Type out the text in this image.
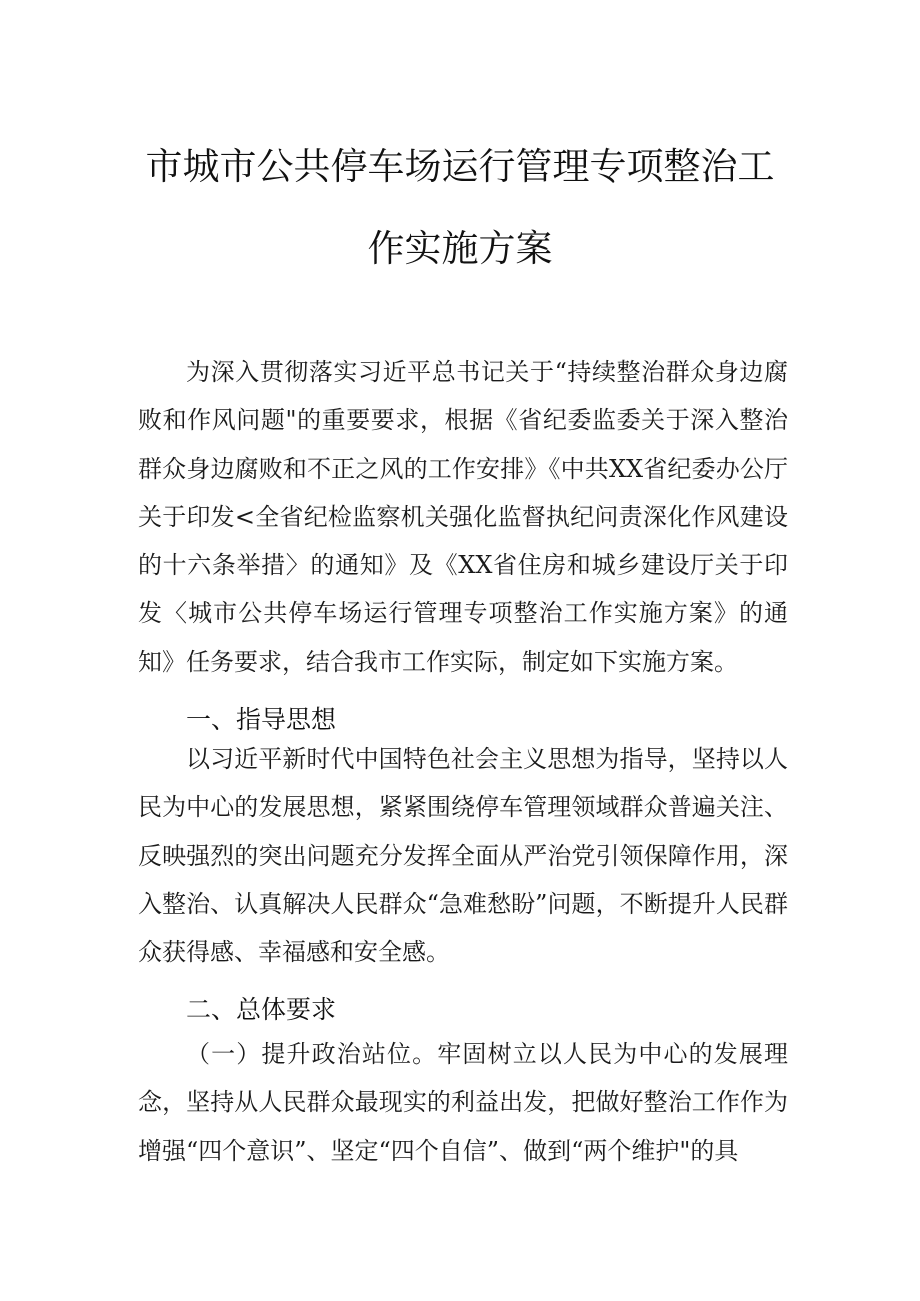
市城市公共停车场运行管理专项整治工
作实施方案

为深入贯彻落实习近平总书记关于“持续整治群众身边腐败和作风问题"的重要要求，根据《省纪委监委关于深入整治群众身边腐败和不正之风的工作安排》《中共XX省纪委办公厅关于印发<全省纪检监察机关强化监督执纪问责深化作风建设的十六条举措〉的通知》及《XX省住房和城乡建设厅关于印发〈城市公共停车场运行管理专项整治工作实施方案》的通知》任务要求，结合我市工作实际，制定如下实施方案。

一、指导思想

以习近平新时代中国特色社会主义思想为指导，坚持以人民为中心的发展思想，紧紧围绕停车管理领域群众普遍关注、反映强烈的突出问题充分发挥全面从严治党引领保障作用，深入整治、认真解决人民群众“急难愁盼”问题，不断提升人民群众获得感、幸福感和安全感。

二、总体要求

（一）提升政治站位。牢固树立以人民为中心的发展理念，坚持从人民群众最现实的利益出发，把做好整治工作作为增强“四个意识”、坚定“四个自信”、做到“两个维护"的具
